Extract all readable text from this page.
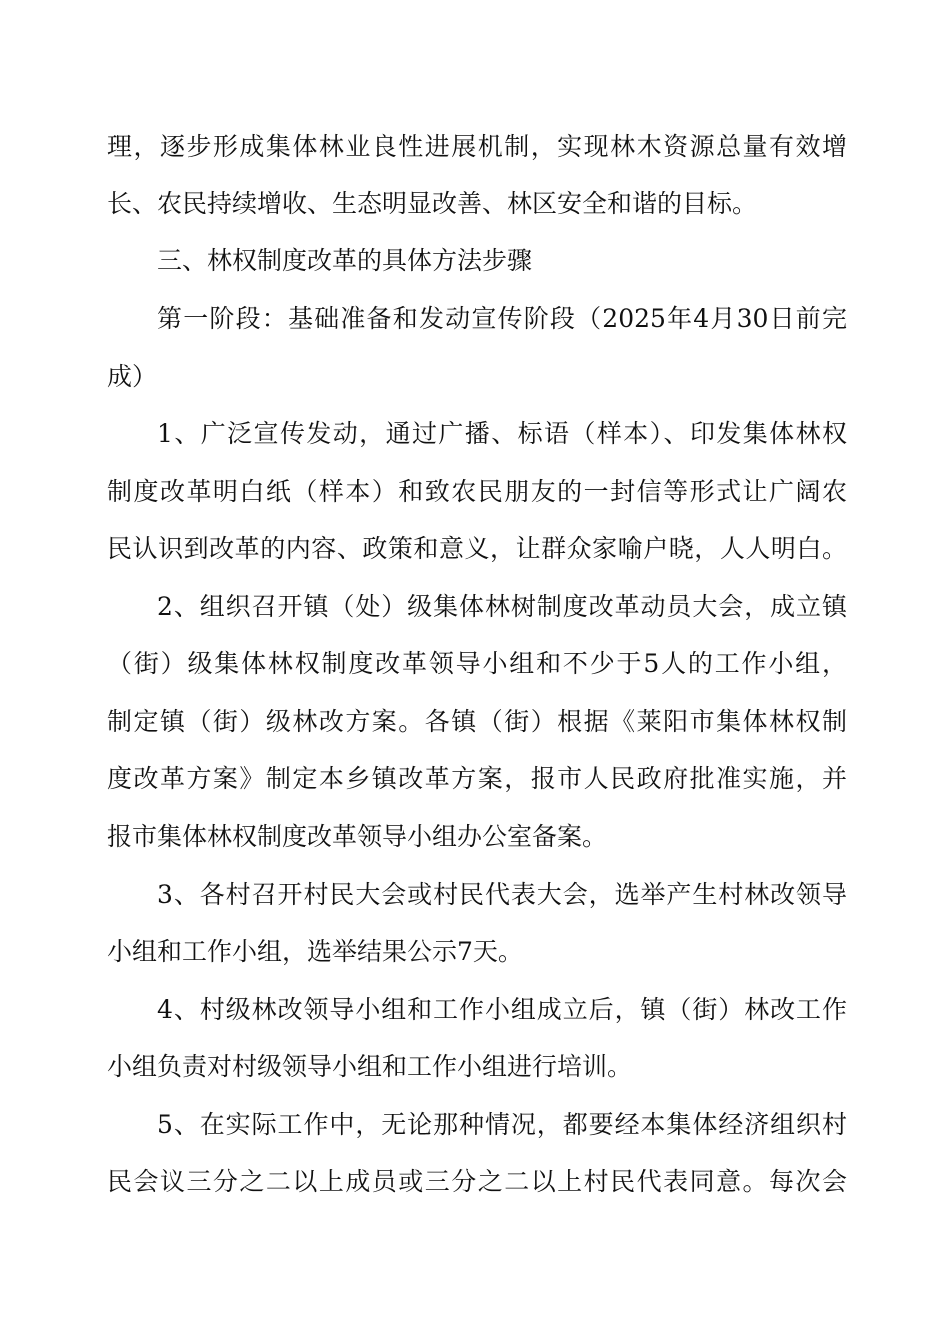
理，逐步形成集体林业良性进展机制，实现林木资源总量有效增
长、农民持续增收、生态明显改善、林区安全和谐的目标。
三、林权制度改革的具体方法步骤
第一阶段：基础准备和发动宣传阶段（2025年4月30日前完
成）
1、广泛宣传发动，通过广播、标语（样本）、印发集体林权
制度改革明白纸（样本）和致农民朋友的一封信等形式让广阔农
民认识到改革的内容、政策和意义，让群众家喻户晓，人人明白。
2、组织召开镇（处）级集体林树制度改革动员大会，成立镇
（街）级集体林权制度改革领导小组和不少于5人的工作小组，
制定镇（街）级林改方案。各镇（街）根据《莱阳市集体林权制
度改革方案》制定本乡镇改革方案，报市人民政府批准实施，并
报市集体林权制度改革领导小组办公室备案。
3、各村召开村民大会或村民代表大会，选举产生村林改领导
小组和工作小组，选举结果公示7天。
4、村级林改领导小组和工作小组成立后，镇（街）林改工作
小组负责对村级领导小组和工作小组进行培训。
5、在实际工作中，无论那种情况，都要经本集体经济组织村
民会议三分之二以上成员或三分之二以上村民代表同意。每次会
